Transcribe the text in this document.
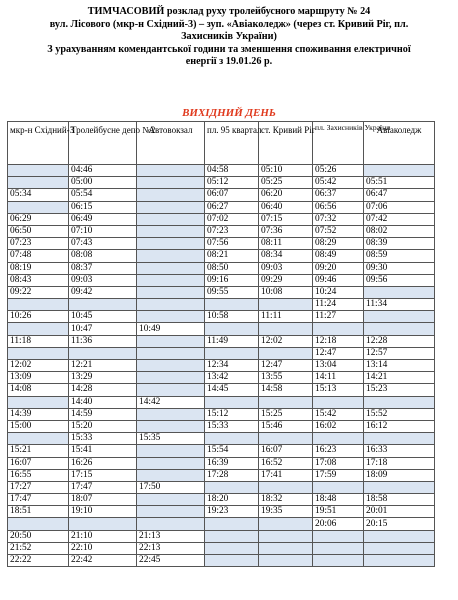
ТИМЧАСОВИЙ розклад руху тролейбусного маршруту № 24
вул. Лісового (мкр-н Східний-3) – зуп. «Авіаколедж» (через ст. Кривий Ріг, пл.
Захисників України)
З урахуванням комендантської години та зменшення споживання електричної
енергії з 19.01.26 р.
ВИХІДНИЙ ДЕНЬ
мкр-н Східний-3	Тролейбусне депо №2	Автовокзал	пл. 95 квартал	ст. Кривий Ріг	пл. Захисників України	Авіаколедж
	04:46		04:58	05:10	05:26	
	05:00		05:12	05:25	05:42	05:51
05:34	05:54		06:07	06:20	06:37	06:47
	06:15		06:27	06:40	06:56	07:06
06:29	06:49		07:02	07:15	07:32	07:42
06:50	07:10		07:23	07:36	07:52	08:02
07:23	07:43		07:56	08:11	08:29	08:39
07:48	08:08		08:21	08:34	08:49	08:59
08:19	08:37		08:50	09:03	09:20	09:30
08:43	09:03		09:16	09:29	09:46	09:56
09:22	09:42		09:55	10:08	10:24	
					11:24	11:34
10:26	10:45		10:58	11:11	11:27	
	10:47	10:49				
11:18	11:36		11:49	12:02	12:18	12:28
					12:47	12:57
12:02	12:21		12:34	12:47	13:04	13:14
13:09	13:29		13:42	13:55	14:11	14:21
14:08	14:28		14:45	14:58	15:13	15:23
	14:40	14:42				
14:39	14:59		15:12	15:25	15:42	15:52
15:00	15:20		15:33	15:46	16:02	16:12
	15:33	15:35				
15:21	15:41		15:54	16:07	16:23	16:33
16:07	16:26		16:39	16:52	17:08	17:18
16:55	17:15		17:28	17:41	17:59	18:09
17:27	17:47	17:50				
17:47	18:07		18:20	18:32	18:48	18:58
18:51	19:10		19:23	19:35	19:51	20:01
					20:06	20:15
20:50	21:10	21:13				
21:52	22:10	22:13				
22:22	22:42	22:45				
